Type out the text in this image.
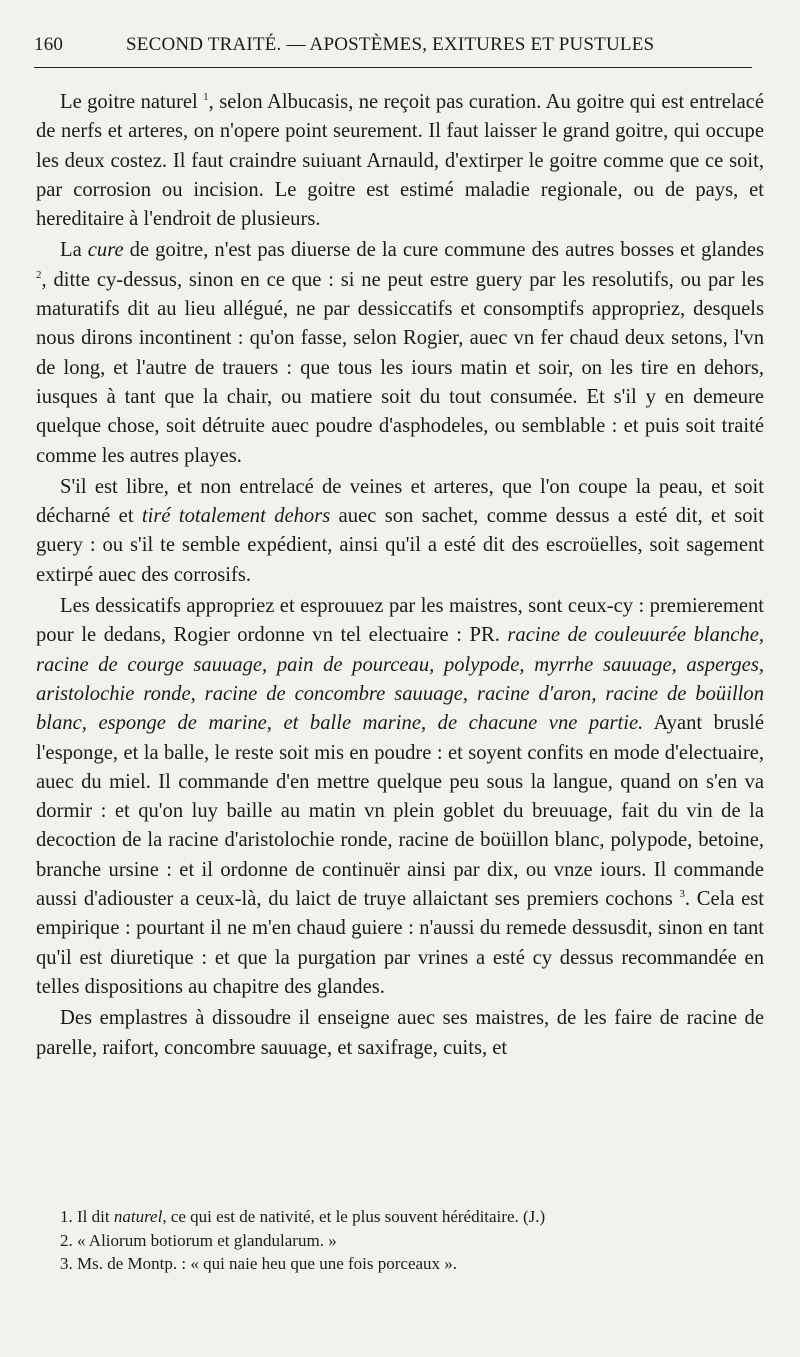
160	SECOND TRAITÉ. — APOSTÈMES, EXITURES ET PUSTULES

Le goitre naturel $^1$, selon Albucasis, ne reçoit pas curation. Au goitre qui est entrelacé de nerfs et arteres, on n'opere point seurement. Il faut laisser le grand goitre, qui occupe les deux costez. Il faut craindre suiuant Arnauld, d'extirper le goitre comme que ce soit, par corrosion ou incision. Le goitre est estimé maladie regionale, ou de pays, et hereditaire à l'endroit de plusieurs.

La cure de goitre, n'est pas diuerse de la cure commune des autres bosses et glandes $^2$, ditte cy-dessus, sinon en ce que : si ne peut estre guery par les resolutifs, ou par les maturatifs dit au lieu allégué, ne par dessiccatifs et consomptifs appropriez, desquels nous dirons incontinent : qu'on fasse, selon Rogier, auec vn fer chaud deux setons, l'vn de long, et l'autre de trauers : que tous les iours matin et soir, on les tire en dehors, iusques à tant que la chair, ou matiere soit du tout consumée. Et s'il y en demeure quelque chose, soit détruite auec poudre d'asphodeles, ou semblable : et puis soit traité comme les autres playes.

S'il est libre, et non entrelacé de veines et arteres, que l'on coupe la peau, et soit décharné et tiré totalement dehors auec son sachet, comme dessus a esté dit, et soit guery : ou s'il te semble expédient, ainsi qu'il a esté dit des escroüelles, soit sagement extirpé auec des corrosifs.

Les dessicatifs appropriez et esprouuez par les maistres, sont ceux-cy : premierement pour le dedans, Rogier ordonne vn tel electuaire : PR. racine de couleuurée blanche, racine de courge sauuage, pain de pourceau, polypode, myrrhe sauuage, asperges, aristolochie ronde, racine de concombre sauuage, racine d'aron, racine de boüillon blanc, esponge de marine, et balle marine, de chacune vne partie. Ayant bruslé l'esponge, et la balle, le reste soit mis en poudre : et soyent confits en mode d'electuaire, auec du miel. Il commande d'en mettre quelque peu sous la langue, quand on s'en va dormir : et qu'on luy baille au matin vn plein goblet du breuuage, fait du vin de la decoction de la racine d'aristolochie ronde, racine de boüillon blanc, polypode, betoine, branche ursine : et il ordonne de continuër ainsi par dix, ou vnze iours. Il commande aussi d'adiouster a ceux-là, du laict de truye allaictant ses premiers cochons $^3$. Cela est empirique : pourtant il ne m'en chaud guiere : n'aussi du remede dessusdit, sinon en tant qu'il est diuretique : et que la purgation par vrines a esté cy dessus recommandée en telles dispositions au chapitre des glandes.

Des emplastres à dissoudre il enseigne auec ses maistres, de les faire de racine de parelle, raifort, concombre sauuage, et saxifrage, cuits, et

1. Il dit naturel, ce qui est de nativité, et le plus souvent héréditaire. (J.)
2. « Aliorum botiorum et glandularum. »
3. Ms. de Montp. : « qui naie heu que une fois porceaux ».
